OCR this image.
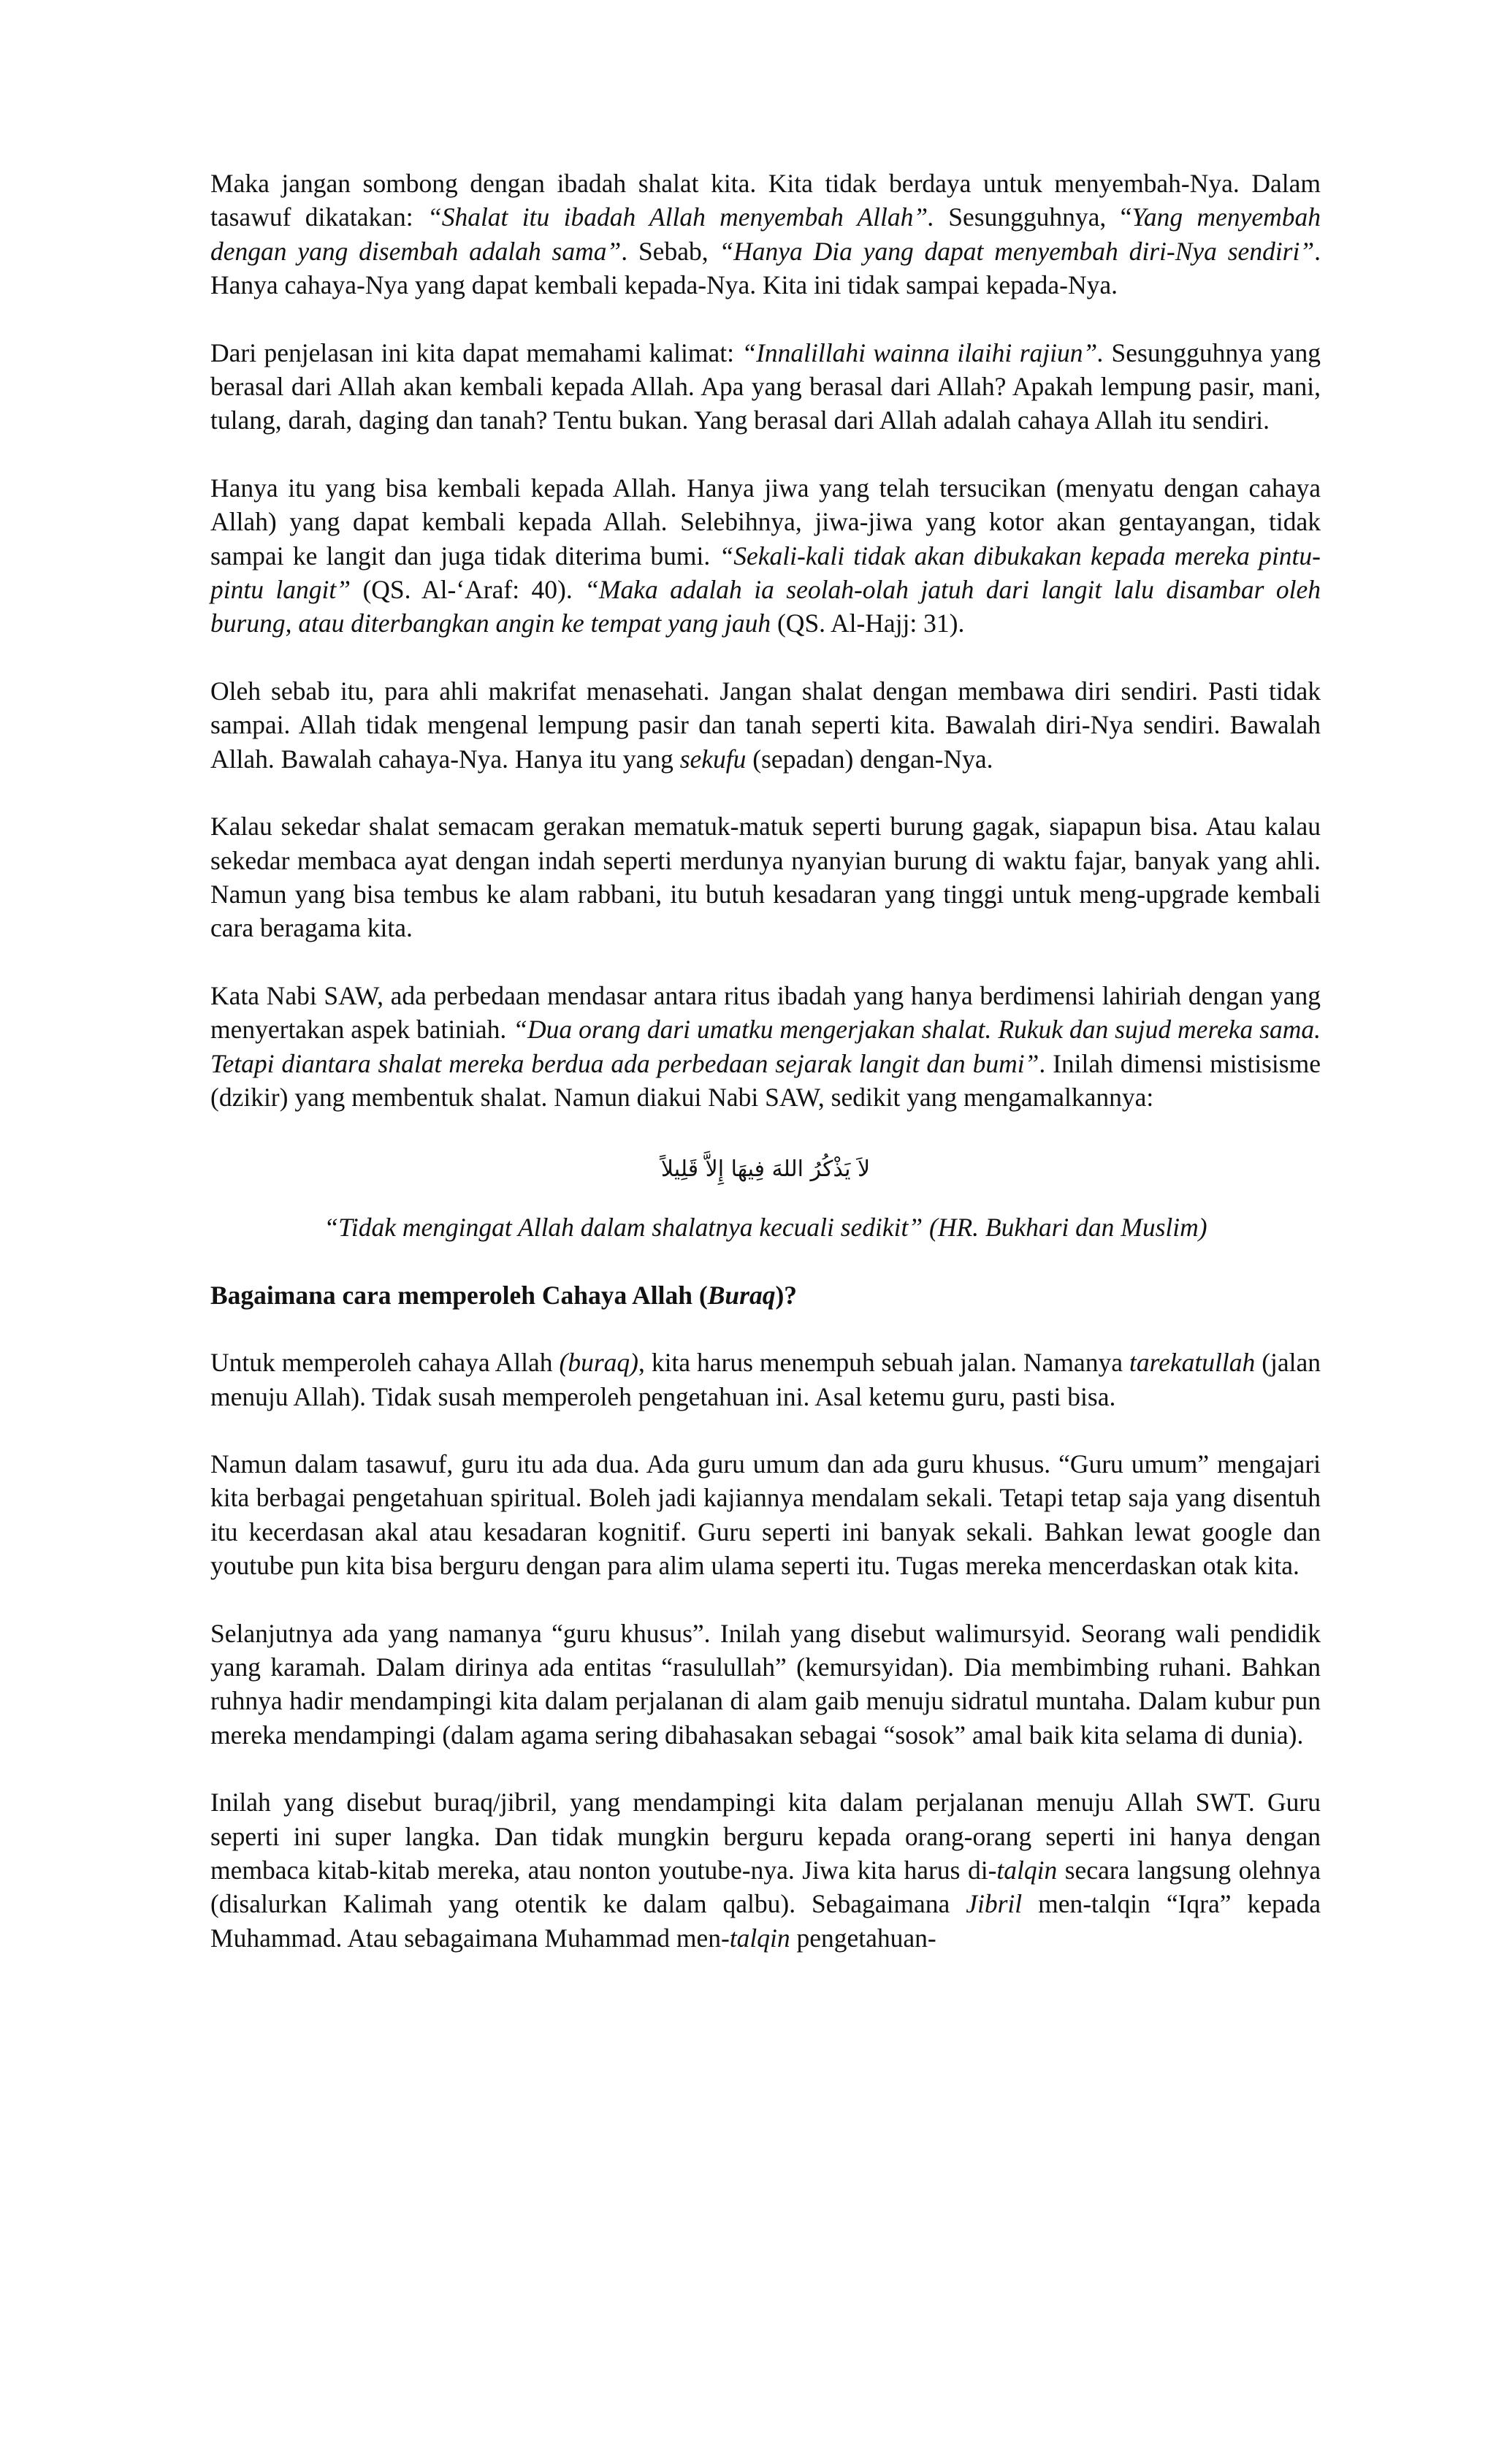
Maka jangan sombong dengan ibadah shalat kita. Kita tidak berdaya untuk menyembah-Nya. Dalam tasawuf dikatakan: “Shalat itu ibadah Allah menyembah Allah”. Sesungguhnya, “Yang menyembah dengan yang disembah adalah sama”. Sebab, “Hanya Dia yang dapat menyembah diri-Nya sendiri”. Hanya cahaya-Nya yang dapat kembali kepada-Nya. Kita ini tidak sampai kepada-Nya.

Dari penjelasan ini kita dapat memahami kalimat: “Innalillahi wainna ilaihi rajiun”. Sesungguhnya yang berasal dari Allah akan kembali kepada Allah. Apa yang berasal dari Allah? Apakah lempung pasir, mani, tulang, darah, daging dan tanah? Tentu bukan. Yang berasal dari Allah adalah cahaya Allah itu sendiri.

Hanya itu yang bisa kembali kepada Allah. Hanya jiwa yang telah tersucikan (menyatu dengan cahaya Allah) yang dapat kembali kepada Allah. Selebihnya, jiwa-jiwa yang kotor akan gentayangan, tidak sampai ke langit dan juga tidak diterima bumi. “Sekali-kali tidak akan dibukakan kepada mereka pintu-pintu langit” (QS. Al-‘Araf: 40). “Maka adalah ia seolah-olah jatuh dari langit lalu disambar oleh burung, atau diterbangkan angin ke tempat yang jauh (QS. Al-Hajj: 31).

Oleh sebab itu, para ahli makrifat menasehati. Jangan shalat dengan membawa diri sendiri. Pasti tidak sampai. Allah tidak mengenal lempung pasir dan tanah seperti kita. Bawalah diri-Nya sendiri. Bawalah Allah. Bawalah cahaya-Nya. Hanya itu yang sekufu (sepadan) dengan-Nya.

Kalau sekedar shalat semacam gerakan mematuk-matuk seperti burung gagak, siapapun bisa. Atau kalau sekedar membaca ayat dengan indah seperti merdunya nyanyian burung di waktu fajar, banyak yang ahli. Namun yang bisa tembus ke alam rabbani, itu butuh kesadaran yang tinggi untuk meng-upgrade kembali cara beragama kita.

Kata Nabi SAW, ada perbedaan mendasar antara ritus ibadah yang hanya berdimensi lahiriah dengan yang menyertakan aspek batiniah. “Dua orang dari umatku mengerjakan shalat. Rukuk dan sujud mereka sama. Tetapi diantara shalat mereka berdua ada perbedaan sejarak langit dan bumi”. Inilah dimensi mistisisme (dzikir) yang membentuk shalat. Namun diakui Nabi SAW, sedikit yang mengamalkannya:

لاَ يَذْكُرُ اللهَ فِيهَا إِلاَّ قَلِيلاً

“Tidak mengingat Allah dalam shalatnya kecuali sedikit” (HR. Bukhari dan Muslim)

Bagaimana cara memperoleh Cahaya Allah (Buraq)?

Untuk memperoleh cahaya Allah (buraq), kita harus menempuh sebuah jalan. Namanya tarekatullah (jalan menuju Allah). Tidak susah memperoleh pengetahuan ini. Asal ketemu guru, pasti bisa.

Namun dalam tasawuf, guru itu ada dua. Ada guru umum dan ada guru khusus. “Guru umum” mengajari kita berbagai pengetahuan spiritual. Boleh jadi kajiannya mendalam sekali. Tetapi tetap saja yang disentuh itu kecerdasan akal atau kesadaran kognitif. Guru seperti ini banyak sekali. Bahkan lewat google dan youtube pun kita bisa berguru dengan para alim ulama seperti itu. Tugas mereka mencerdaskan otak kita.

Selanjutnya ada yang namanya “guru khusus”. Inilah yang disebut walimursyid. Seorang wali pendidik yang karamah. Dalam dirinya ada entitas “rasulullah” (kemursyidan). Dia membimbing ruhani. Bahkan ruhnya hadir mendampingi kita dalam perjalanan di alam gaib menuju sidratul muntaha. Dalam kubur pun mereka mendampingi (dalam agama sering dibahasakan sebagai “sosok” amal baik kita selama di dunia).

Inilah yang disebut buraq/jibril, yang mendampingi kita dalam perjalanan menuju Allah SWT. Guru seperti ini super langka. Dan tidak mungkin berguru kepada orang-orang seperti ini hanya dengan membaca kitab-kitab mereka, atau nonton youtube-nya. Jiwa kita harus di-talqin secara langsung olehnya (disalurkan Kalimah yang otentik ke dalam qalbu). Sebagaimana Jibril men-talqin “Iqra” kepada Muhammad. Atau sebagaimana Muhammad men-talqin pengetahuan-
